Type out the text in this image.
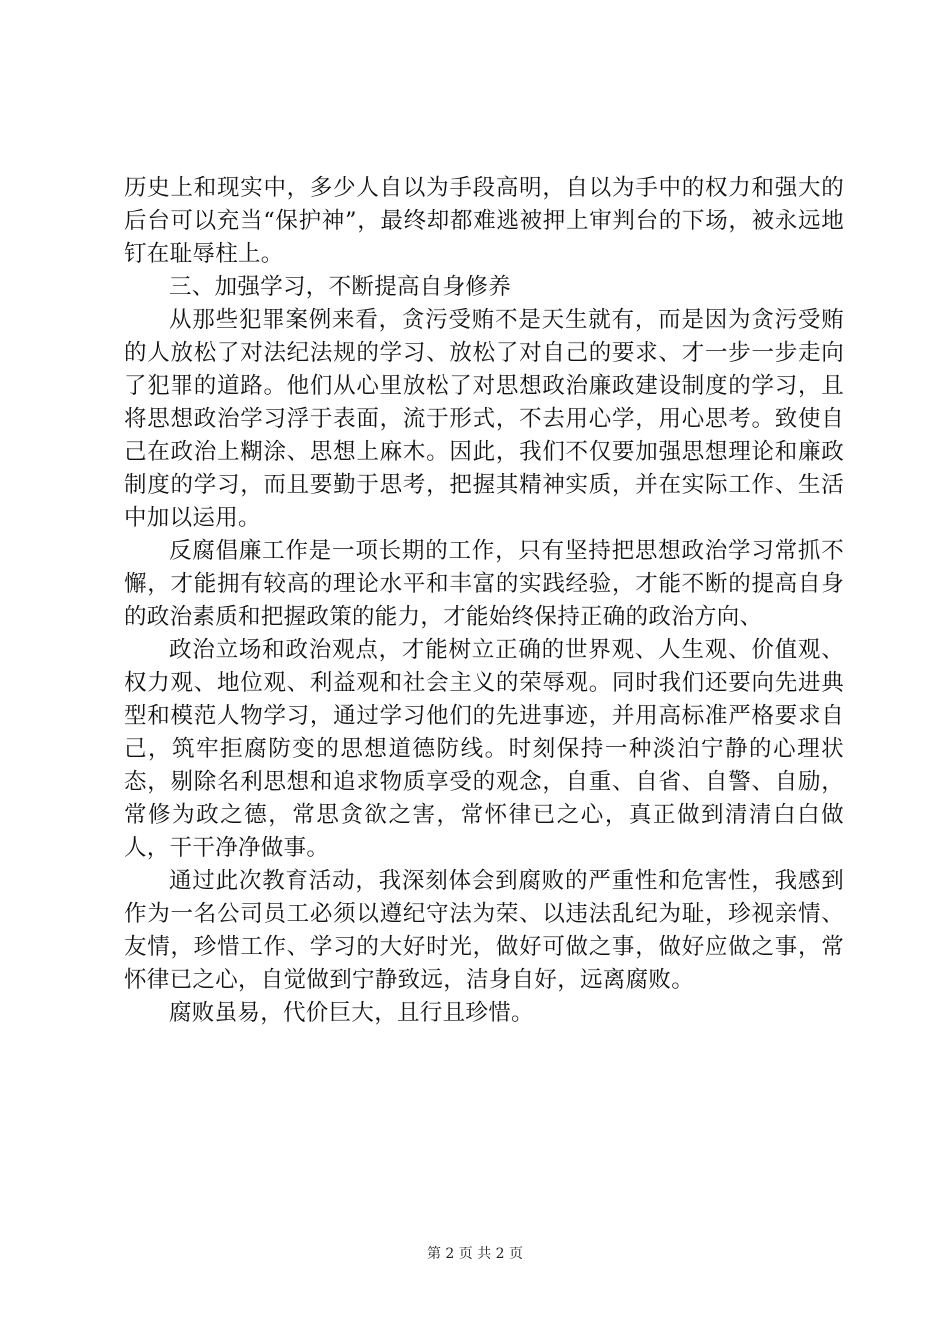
历史上和现实中，多少人自以为手段高明，自以为手中的权力和强大的后台可以充当“保护神”，最终却都难逃被押上审判台的下场，被永远地钉在耻辱柱上。

三、加强学习，不断提高自身修养

从那些犯罪案例来看，贪污受贿不是天生就有，而是因为贪污受贿的人放松了对法纪法规的学习、放松了对自己的要求、才一步一步走向了犯罪的道路。他们从心里放松了对思想政治廉政建设制度的学习，且将思想政治学习浮于表面，流于形式，不去用心学，用心思考。致使自己在政治上糊涂、思想上麻木。因此，我们不仅要加强思想理论和廉政制度的学习，而且要勤于思考，把握其精神实质，并在实际工作、生活中加以运用。

反腐倡廉工作是一项长期的工作，只有坚持把思想政治学习常抓不懈，才能拥有较高的理论水平和丰富的实践经验，才能不断的提高自身的政治素质和把握政策的能力，才能始终保持正确的政治方向、

政治立场和政治观点，才能树立正确的世界观、人生观、价值观、权力观、地位观、利益观和社会主义的荣辱观。同时我们还要向先进典型和模范人物学习，通过学习他们的先进事迹，并用高标准严格要求自己，筑牢拒腐防变的思想道德防线。时刻保持一种淡泊宁静的心理状态，剔除名利思想和追求物质享受的观念，自重、自省、自警、自励，常修为政之德，常思贪欲之害，常怀律已之心，真正做到清清白白做人，干干净净做事。

通过此次教育活动，我深刻体会到腐败的严重性和危害性，我感到作为一名公司员工必须以遵纪守法为荣、以违法乱纪为耻，珍视亲情、友情，珍惜工作、学习的大好时光，做好可做之事，做好应做之事，常怀律已之心，自觉做到宁静致远，洁身自好，远离腐败。

腐败虽易，代价巨大，且行且珍惜。

第 2 页 共 2 页
